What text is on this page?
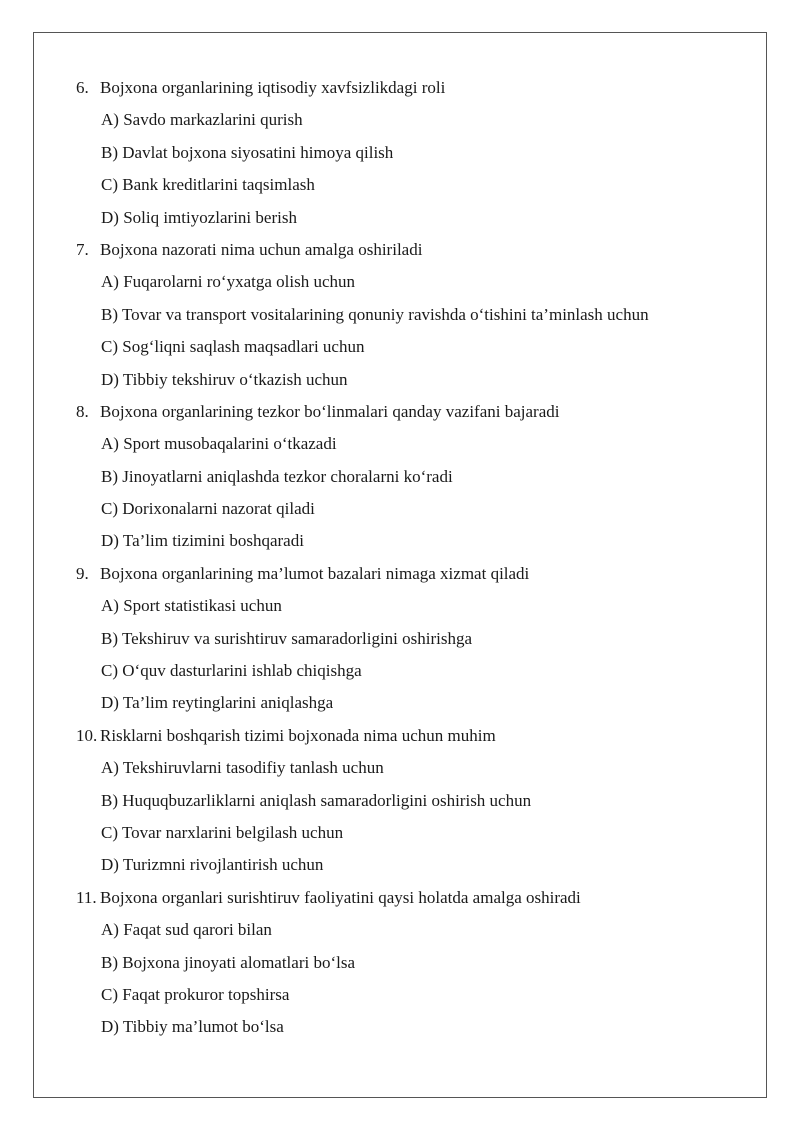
6. Bojxona organlarining iqtisodiy xavfsizlikdagi roli
A) Savdo markazlarini qurish
B) Davlat bojxona siyosatini himoya qilish
C) Bank kreditlarini taqsimlash
D) Soliq imtiyozlarini berish
7. Bojxona nazorati nima uchun amalga oshiriladi
A) Fuqarolarni ro‘yxatga olish uchun
B) Tovar va transport vositalarining qonuniy ravishda o‘tishini ta’minlash uchun
C) Sog‘liqni saqlash maqsadlari uchun
D) Tibbiy tekshiruv o‘tkazish uchun
8. Bojxona organlarining tezkor bo‘linmalari qanday vazifani bajaradi
A) Sport musobaqalarini o‘tkazadi
B) Jinoyatlarni aniqlashda tezkor choralarni ko‘radi
C) Dorixonalarni nazorat qiladi
D) Ta’lim tizimini boshqaradi
9. Bojxona organlarining ma’lumot bazalari nimaga xizmat qiladi
A) Sport statistikasi uchun
B) Tekshiruv va surishtiruv samaradorligini oshirishga
C) O‘quv dasturlarini ishlab chiqishga
D) Ta’lim reytinglarini aniqlashga
10. Risklarni boshqarish tizimi bojxonada nima uchun muhim
A) Tekshiruvlarni tasodifiy tanlash uchun
B) Huquqbuzarliklarni aniqlash samaradorligini oshirish uchun
C) Tovar narxlarini belgilash uchun
D) Turizmni rivojlantirish uchun
11. Bojxona organlari surishtiruv faoliyatini qaysi holatda amalga oshiradi
A) Faqat sud qarori bilan
B) Bojxona jinoyati alomatlari bo‘lsa
C) Faqat prokuror topshirsa
D) Tibbiy ma’lumot bo‘lsa
